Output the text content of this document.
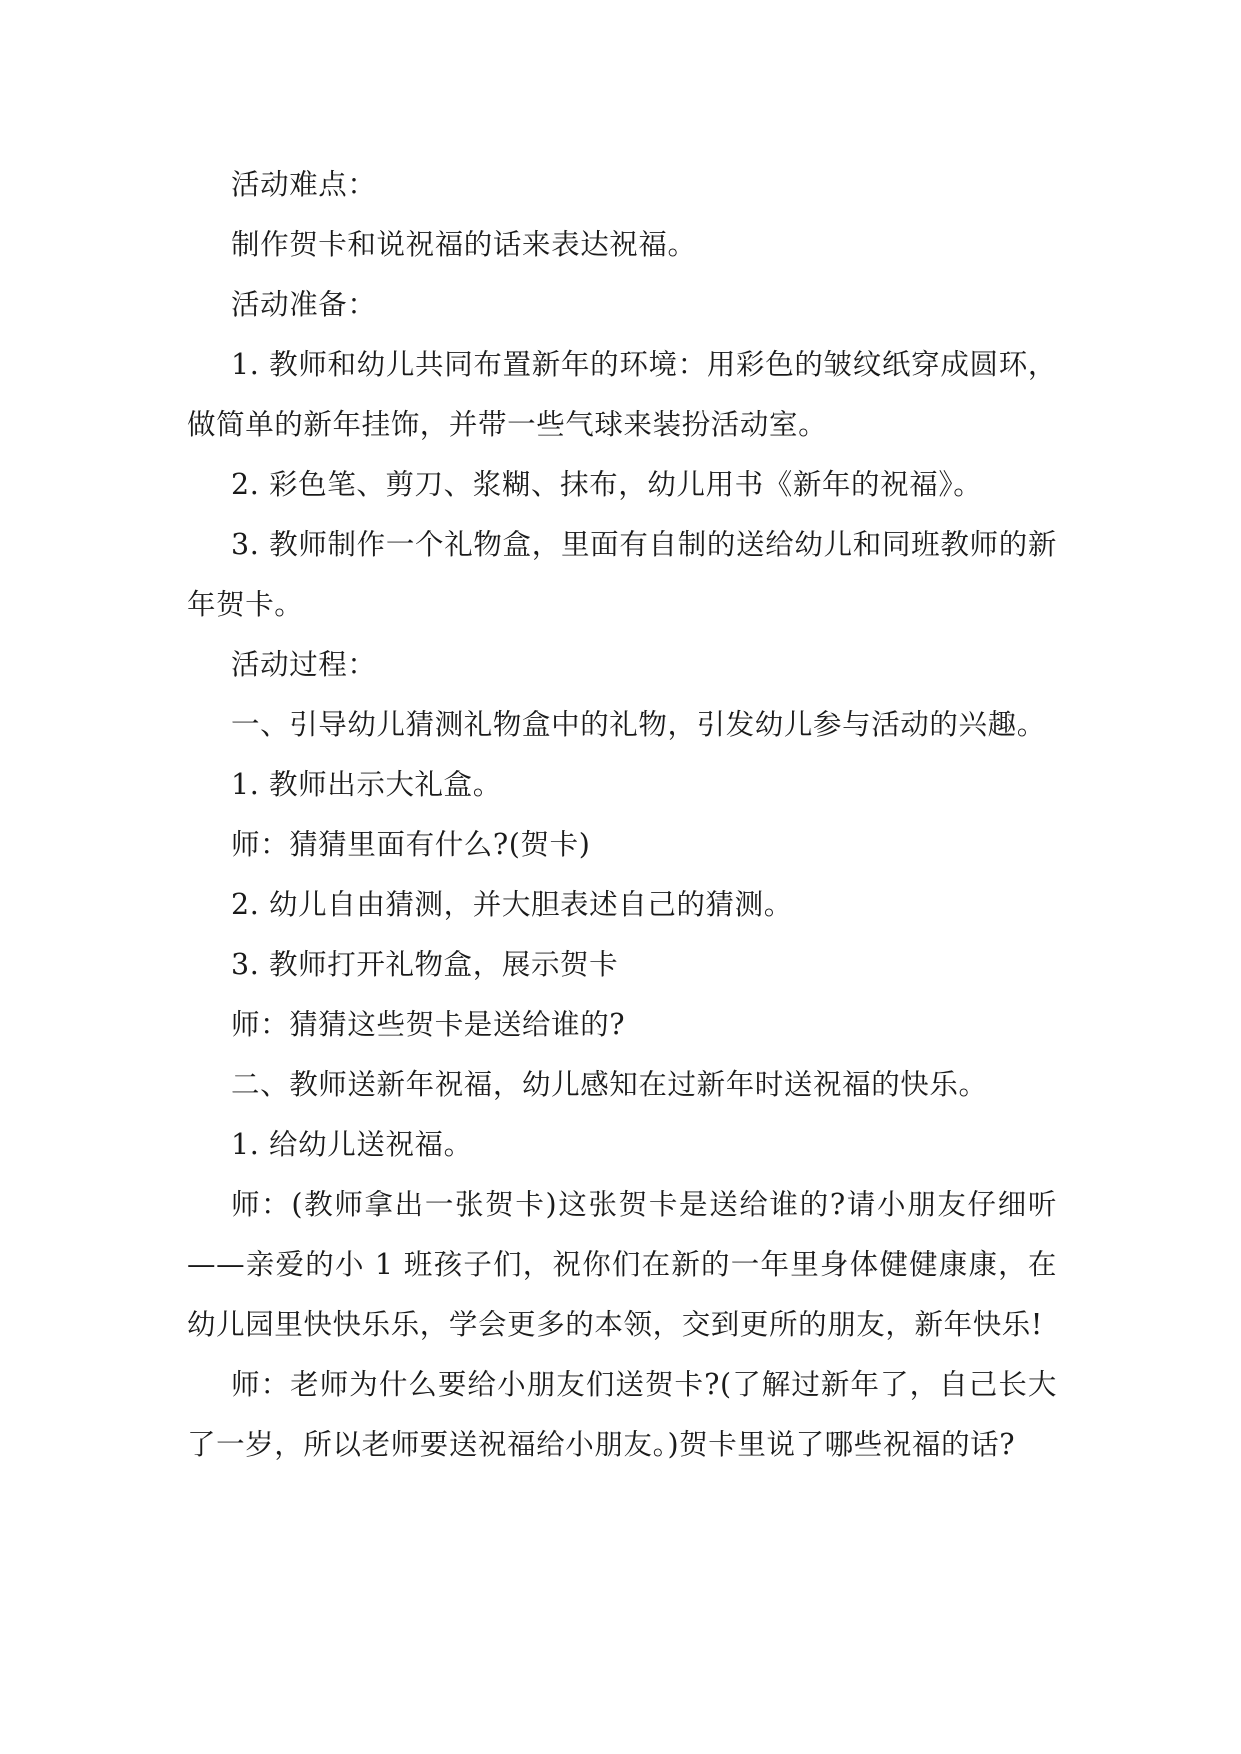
活动难点：

制作贺卡和说祝福的话来表达祝福。

活动准备：

1. 教师和幼儿共同布置新年的环境：用彩色的皱纹纸穿成圆环，做简单的新年挂饰，并带一些气球来装扮活动室。

2. 彩色笔、剪刀、浆糊、抹布，幼儿用书《新年的祝福》。

3. 教师制作一个礼物盒，里面有自制的送给幼儿和同班教师的新年贺卡。

活动过程：

一、引导幼儿猜测礼物盒中的礼物，引发幼儿参与活动的兴趣。

1. 教师出示大礼盒。

师：猜猜里面有什么?(贺卡)

2. 幼儿自由猜测，并大胆表述自己的猜测。

3. 教师打开礼物盒，展示贺卡

师：猜猜这些贺卡是送给谁的?

二、教师送新年祝福，幼儿感知在过新年时送祝福的快乐。

1. 给幼儿送祝福。

师：(教师拿出一张贺卡)这张贺卡是送给谁的?请小朋友仔细听——亲爱的小 1 班孩子们，祝你们在新的一年里身体健健康康，在幼儿园里快快乐乐，学会更多的本领，交到更所的朋友，新年快乐!

师：老师为什么要给小朋友们送贺卡?(了解过新年了，自己长大了一岁，所以老师要送祝福给小朋友。)贺卡里说了哪些祝福的话?
